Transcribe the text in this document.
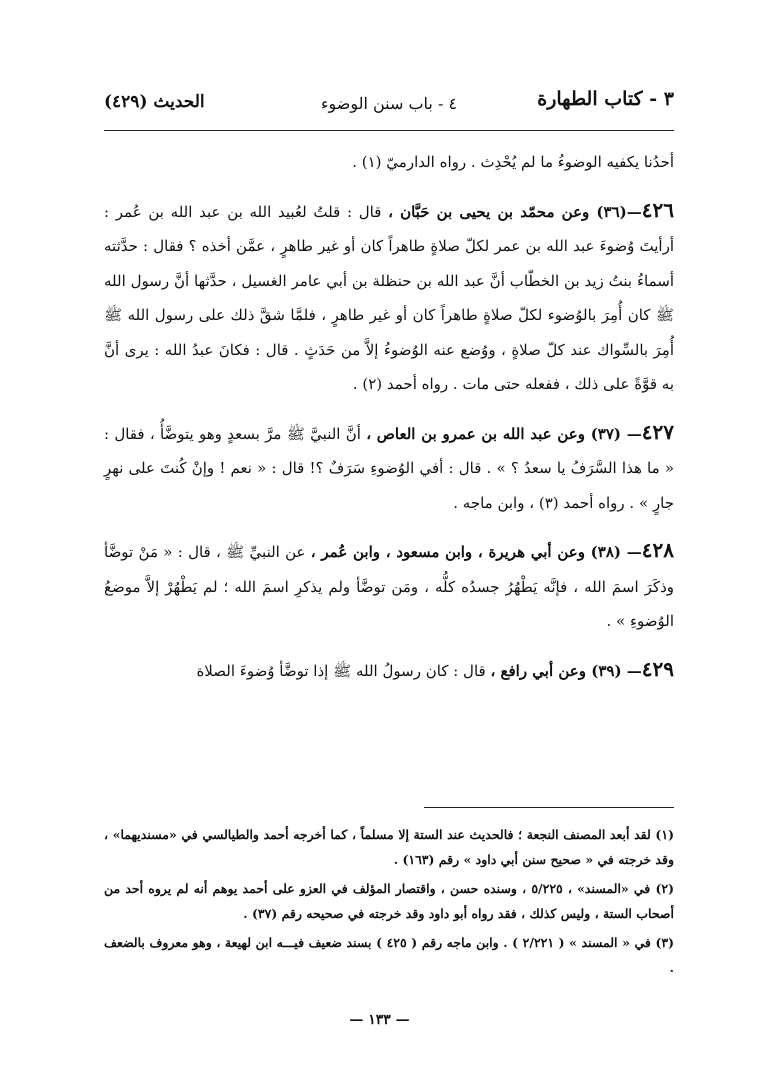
٣ - كتاب الطهارة
٤ - باب سنن الوضوء
الحديث (٤٢٩)

أحدُنا يكفيه الوضوءُ ما لم يُحْدِث . رواه الدارميّ (١) .

٤٢٦—(٣٦) وعن محمّد بن يحيى بن حَبَّان ، قال : قلتُ لعُبيد الله بن عبد الله بن عُمر : أرأيتَ وُضوءَ عبد الله بن عمر لكلّ صلاةٍ طاهراً كان أو غير طاهرٍ ، عمَّن أخذه ؟ فقال : حدَّثته أسماءُ بنتُ زيد بن الخطّاب أنَّ عبد الله بن حنظلة بن أبي عامر الغسيل ، حدَّثها أنَّ رسول الله ﷺ كان أُمِرَ بالوُضوء لكلّ صلاةٍ طاهراً كان أو غير طاهرٍ ، فلمَّا شقَّ ذلك على رسول الله ﷺ أُمِرَ بالسِّواك عند كلّ صلاةٍ ، ووُضع عنه الوُضوءُ إلاَّ من حَدَثٍ . قال : فكانَ عبدُ الله : يرى أنَّ به قوَّةً على ذلك ، ففعله حتى مات . رواه أحمد (٢) .

٤٢٧— (٣٧) وعن عبد الله بن عمرو بن العاص ، أنَّ النبيَّ ﷺ مرَّ بسعدٍ وهو يتوضَّأُ ، فقال : « ما هذا السَّرَفُ يا سعدُ ؟ » . قال : أفي الوُضوءِ سَرَفٌ ؟! قال : « نعم ! وإنْ كُنتَ على نهرٍ جارٍ » . رواه أحمد (٣) ، وابن ماجه .

٤٢٨— (٣٨) وعن أبي هريرة ، وابن مسعود ، وابن عُمر ، عن النبيِّ ﷺ ، قال : « مَنْ توضَّأ وذكَرَ اسمَ الله ، فإنَّه يَطْهُرُ جسدُه كلُّه ، ومَن توضَّأ ولم يذكرِ اسمَ الله ؛ لم يَطْهُرْ إلاَّ موضعُ الوُضوءِ » .

٤٢٩— (٣٩) وعن أبي رافع ، قال : كان رسولُ الله ﷺ إذا توضَّأ وُضوءَ الصلاة

(١) لقد أبعد المصنف النجعة ؛ فالحديث عند الستة إلا مسلماً ، كما أخرجه أحمد والطيالسي في «مسنديهما» ، وقد خرجته في « صحيح سنن أبي داود » رقم (١٦٣) .

(٢) في «المسند» ، ٥/٢٢٥ ، وسنده حسن ، واقتصار المؤلف في العزو على أحمد يوهم أنه لم يروه أحد من أصحاب الستة ، وليس كذلك ، فقد رواه أبو داود وقد خرجته في صحيحه رقم (٣٧) .

(٣) في « المسند » ( ٢/٢٢١ ) . وابن ماجه رقم ( ٤٢٥ ) بسند ضعيف فيـــه ابن لهيعة ، وهو معروف بالضعف .

— ١٣٣ —
